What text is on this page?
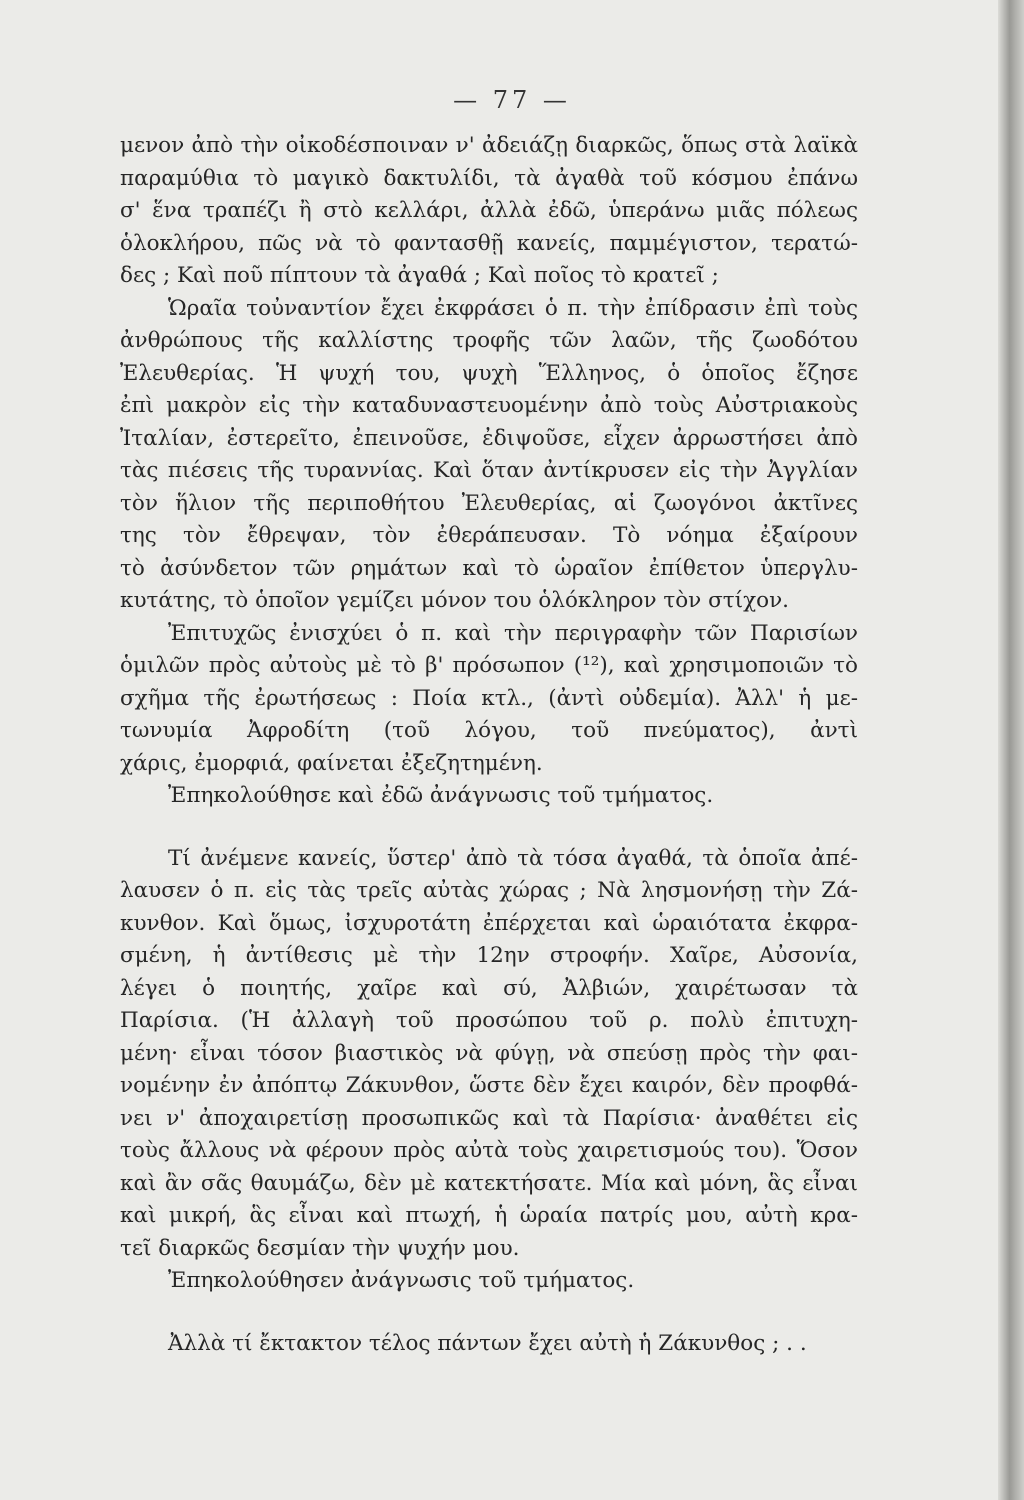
— 77 —
μενον ἀπὸ τὴν οἰκοδέσποιναν ν' ἀδειάζῃ διαρκῶς, ὅπως στὰ λαϊκὰ
παραμύθια τὸ μαγικὸ δακτυλίδι, τὰ ἀγαθὰ τοῦ κόσμου ἐπάνω
σ' ἕνα τραπέζι ἢ στὸ κελλάρι, ἀλλὰ ἐδῶ, ὑπεράνω μιᾶς πόλεως
ὁλοκλήρου, πῶς νὰ τὸ φαντασθῇ κανείς, παμμέγιστον, τερατώ-
δες ; Καὶ ποῦ πίπτουν τὰ ἀγαθά ; Καὶ ποῖος τὸ κρατεῖ ;
Ὡραῖα τοὐναντίον ἔχει ἐκφράσει ὁ π. τὴν ἐπίδρασιν ἐπὶ τοὺς
ἀνθρώπους τῆς καλλίστης τροφῆς τῶν λαῶν, τῆς ζωοδότου
Ἐλευθερίας. Ἡ ψυχή του, ψυχὴ Ἕλληνος, ὁ ὁποῖος ἔζησε
ἐπὶ μακρὸν εἰς τὴν καταδυναστευομένην ἀπὸ τοὺς Αὐστριακοὺς
Ἰταλίαν, ἐστερεῖτο, ἐπεινοῦσε, ἐδιψοῦσε, εἶχεν ἀρρωστήσει ἀπὸ
τὰς πιέσεις τῆς τυραννίας. Καὶ ὅταν ἀντίκρυσεν εἰς τὴν Ἀγγλίαν
τὸν ἥλιον τῆς περιποθήτου Ἐλευθερίας, αἱ ζωογόνοι ἀκτῖνες
της τὸν ἔθρεψαν, τὸν ἐθεράπευσαν. Τὸ νόημα ἐξαίρουν
τὸ ἀσύνδετον τῶν ρημάτων καὶ τὸ ὡραῖον ἐπίθετον ὑπεργλυ-
κυτάτης, τὸ ὁποῖον γεμίζει μόνον του ὁλόκληρον τὸν στίχον.
Ἐπιτυχῶς ἐνισχύει ὁ π. καὶ τὴν περιγραφὴν τῶν Παρισίων
ὁμιλῶν πρὸς αὐτοὺς μὲ τὸ β' πρόσωπον (¹²), καὶ χρησιμοποιῶν τὸ
σχῆμα τῆς ἐρωτήσεως : Ποία κτλ., (ἀντὶ οὐδεμία). Ἀλλ' ἡ με-
τωνυμία Ἀφροδίτη (τοῦ λόγου, τοῦ πνεύματος), ἀντὶ
χάρις, ἐμορφιά, φαίνεται ἐξεζητημένη.
Ἐπηκολούθησε καὶ ἐδῶ ἀνάγνωσις τοῦ τμήματος.
Τί ἀνέμενε κανείς, ὕστερ' ἀπὸ τὰ τόσα ἀγαθά, τὰ ὁποῖα ἀπέ-
λαυσεν ὁ π. εἰς τὰς τρεῖς αὐτὰς χώρας ; Νὰ λησμονήσῃ τὴν Ζά-
κυνθον. Καὶ ὅμως, ἰσχυροτάτη ἐπέρχεται καὶ ὡραιότατα ἐκφρα-
σμένη, ἡ ἀντίθεσις μὲ τὴν 12ην στροφήν. Χαῖρε, Αὐσονία,
λέγει ὁ ποιητής, χαῖρε καὶ σύ, Ἀλβιών, χαιρέτωσαν τὰ
Παρίσια. (Ἡ ἀλλαγὴ τοῦ προσώπου τοῦ ρ. πολὺ ἐπιτυχη-
μένη· εἶναι τόσον βιαστικὸς νὰ φύγῃ, νὰ σπεύσῃ πρὸς τὴν φαι-
νομένην ἐν ἀπόπτῳ Ζάκυνθον, ὥστε δὲν ἔχει καιρόν, δὲν προφθά-
νει ν' ἀποχαιρετίσῃ προσωπικῶς καὶ τὰ Παρίσια· ἀναθέτει εἰς
τοὺς ἄλλους νὰ φέρουν πρὸς αὐτὰ τοὺς χαιρετισμούς του). Ὅσον
καὶ ἂν σᾶς θαυμάζω, δὲν μὲ κατεκτήσατε. Μία καὶ μόνη, ἃς εἶναι
καὶ μικρή, ἃς εἶναι καὶ πτωχή, ἡ ὡραία πατρίς μου, αὐτὴ κρα-
τεῖ διαρκῶς δεσμίαν τὴν ψυχήν μου.
Ἐπηκολούθησεν ἀνάγνωσις τοῦ τμήματος.
Ἀλλὰ τί ἔκτακτον τέλος πάντων ἔχει αὐτὴ ἡ Ζάκυνθος ; . .
